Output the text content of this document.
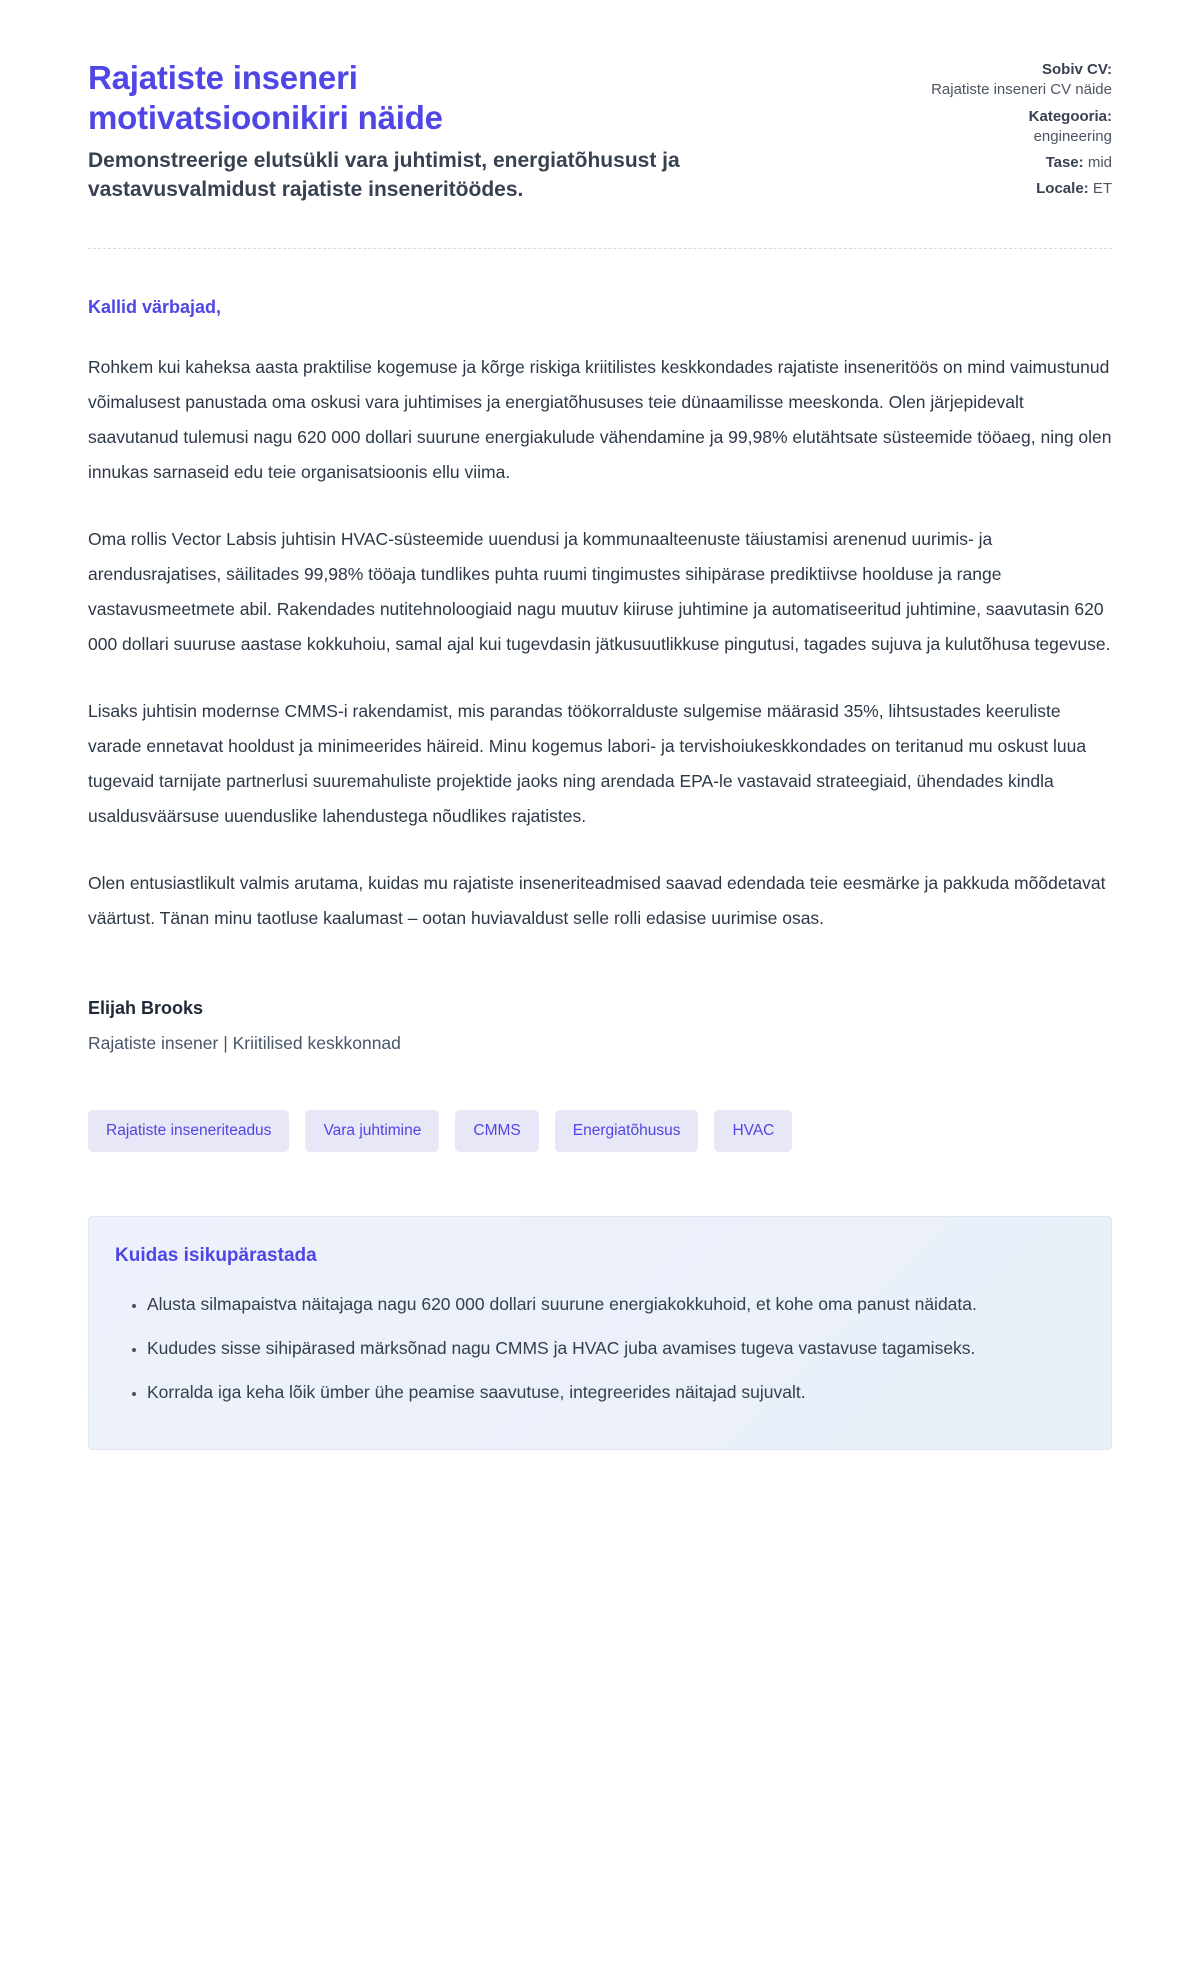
Rajatiste inseneri motivatsioonikiri näide

Demonstreerige elutsükli vara juhtimist, energiatõhusust ja vastavusvalmidust rajatiste inseneritöödes.

Sobiv CV:
Rajatiste inseneri CV näide
Kategooria:
engineering
Tase: mid
Locale: ET

Kallid värbajad,

Rohkem kui kaheksa aasta praktilise kogemuse ja kõrge riskiga kriitilistes keskkondades rajatiste inseneritöös on mind vaimustunud võimalusest panustada oma oskusi vara juhtimises ja energiatõhususes teie dünaamilisse meeskonda. Olen järjepidevalt saavutanud tulemusi nagu 620 000 dollari suurune energiakulude vähendamine ja 99,98% elutähtsate süsteemide tööaeg, ning olen innukas sarnaseid edu teie organisatsioonis ellu viima.

Oma rollis Vector Labsis juhtisin HVAC-süsteemide uuendusi ja kommunaalteenuste täiustamisi arenenud uurimis- ja arendusrajatises, säilitades 99,98% tööaja tundlikes puhta ruumi tingimustes sihipärase prediktiivse hoolduse ja range vastavusmeetmete abil. Rakendades nutitehnoloogiaid nagu muutuv kiiruse juhtimine ja automatiseeritud juhtimine, saavutasin 620 000 dollari suuruse aastase kokkuhoiu, samal ajal kui tugevdasin jätkusuutlikkuse pingutusi, tagades sujuva ja kulutõhusa tegevuse.

Lisaks juhtisin modernse CMMS-i rakendamist, mis parandas töökorralduste sulgemise määrasid 35%, lihtsustades keeruliste varade ennetavat hooldust ja minimeerides häireid. Minu kogemus labori- ja tervishoiukeskkondades on teritanud mu oskust luua tugevaid tarnijate partnerlusi suuremahuliste projektide jaoks ning arendada EPA-le vastavaid strateegiaid, ühendades kindla usaldusväärsuse uuenduslike lahendustega nõudlikes rajatistes.

Olen entusiastlikult valmis arutama, kuidas mu rajatiste inseneriteadmised saavad edendada teie eesmärke ja pakkuda mõõdetavat väärtust. Tänan minu taotluse kaalumast – ootan huviavaldust selle rolli edasise uurimise osas.

Elijah Brooks

Rajatiste insener | Kriitilised keskkonnad

Rajatiste inseneriteadus	Vara juhtimine	CMMS	Energiatõhusus	HVAC
Kuidas isikupärastada
• Alusta silmapaistva näitajaga nagu 620 000 dollari suurune energiakokkuhoid, et kohe oma panust näidata.
• Kududes sisse sihipärased märksõnad nagu CMMS ja HVAC juba avamises tugeva vastavuse tagamiseks.
• Korralda iga keha lõik ümber ühe peamise saavutuse, integreerides näitajad sujuvalt.
